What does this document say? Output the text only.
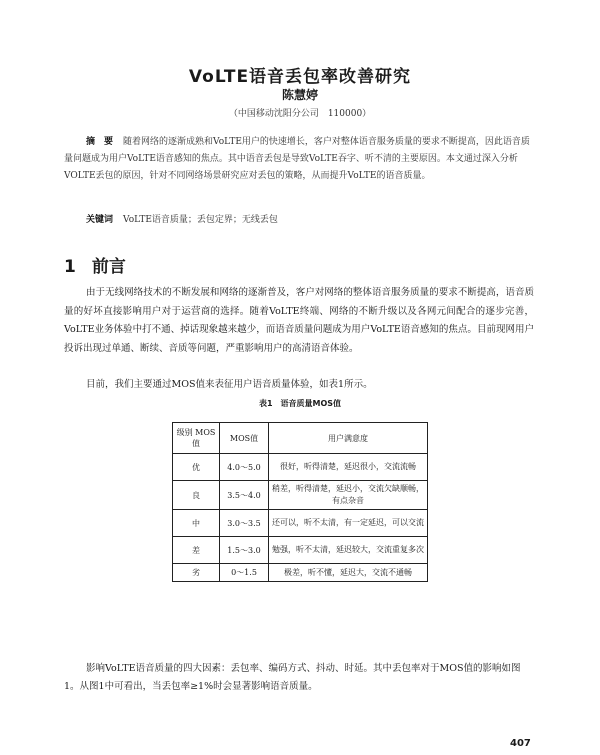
VoLTE语音丢包率改善研究
陈慧婷
（中国移动沈阳分公司　110000）
摘　要 随着网络的逐渐成熟和VoLTE用户的快速增长，客户对整体语音服务质量的要求不断提高，因此语音质量问题成为用户VoLTE语音感知的焦点。其中语音丢包是导致VoLTE吞字、听不清的主要原因。本文通过深入分析VOLTE丢包的原因，针对不同网络场景研究应对丢包的策略，从而提升VoLTE的语音质量。
关键词 VoLTE语音质量；丢包定界；无线丢包
1 前言
由于无线网络技术的不断发展和网络的逐渐普及，客户对网络的整体语音服务质量的要求不断提高，语音质量的好坏直接影响用户对于运营商的选择。随着VoLTE终端、网络的不断升级以及各网元间配合的逐步完善，VoLTE业务体验中打不通、掉话现象越来越少，而语音质量问题成为用户VoLTE语音感知的焦点。目前现网用户投诉出现过单通、断续、音质等问题，严重影响用户的高清语音体验。
目前，我们主要通过MOS值来表征用户语音质量体验，如表1所示。
表1　语音质量MOS值
级别 MOS值	MOS值	用户满意度
优	4.0～5.0	很好，听得清楚，延迟很小，交流流畅
良	3.5～4.0	稍差，听得清楚，延迟小，交流欠缺顺畅，有点杂音
中	3.0～3.5	还可以，听不太清，有一定延迟，可以交流
差	1.5～3.0	勉强，听不太清，延迟较大，交流重复多次
劣	0～1.5	极差，听不懂，延迟大，交流不通畅
影响VoLTE语音质量的四大因素：丢包率、编码方式、抖动、时延。其中丢包率对于MOS值的影响如图1。从图1中可看出，当丢包率≥1%时会显著影响语音质量。
407
